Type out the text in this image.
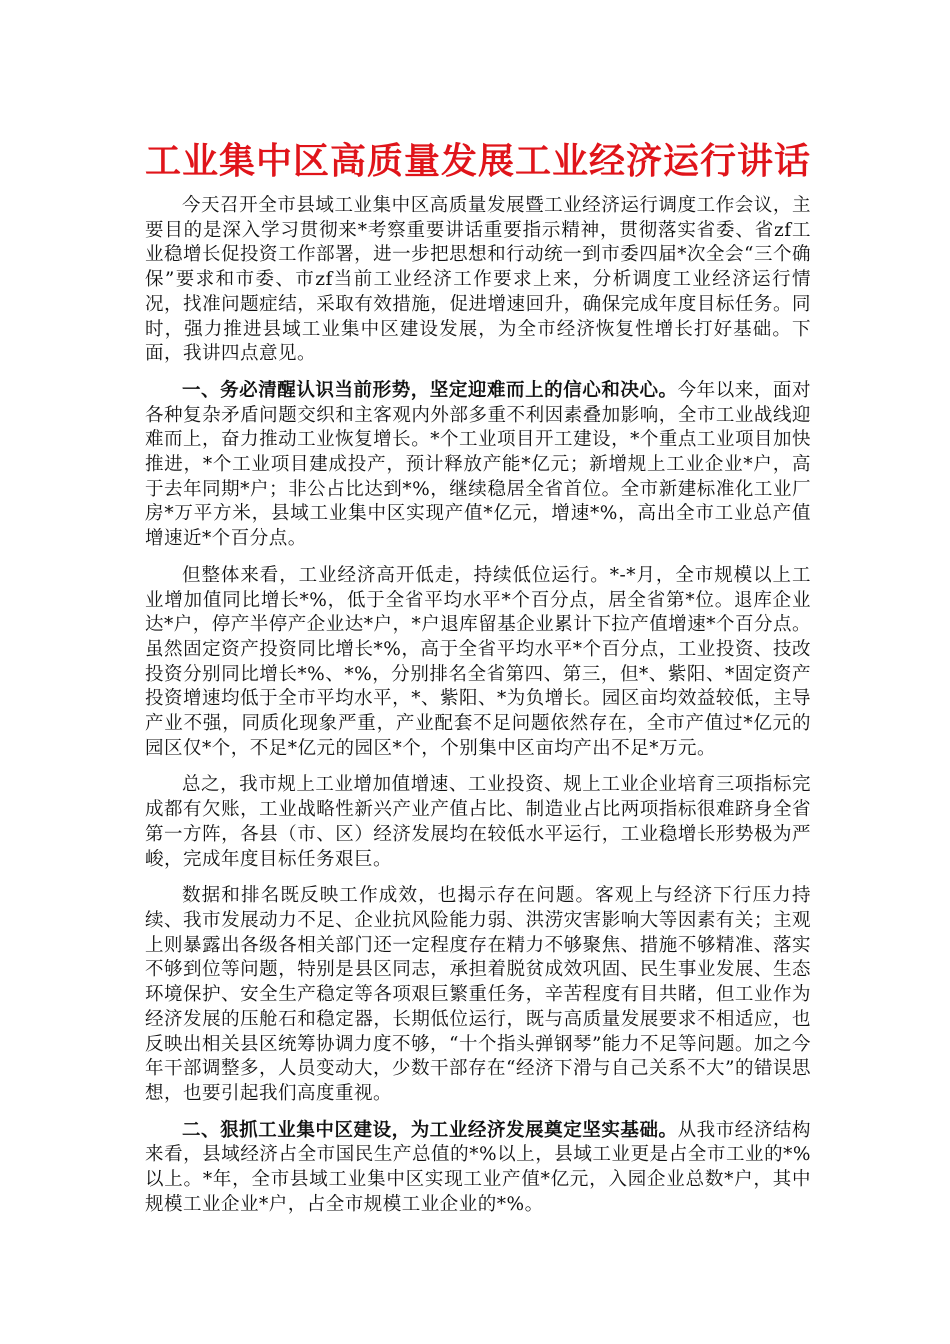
工业集中区高质量发展工业经济运行讲话

今天召开全市县域工业集中区高质量发展暨工业经济运行调度工作会议，主要目的是深入学习贯彻来*考察重要讲话重要指示精神，贯彻落实省委、省zf工业稳增长促投资工作部署，进一步把思想和行动统一到市委四届*次全会“三个确保”要求和市委、市zf当前工业经济工作要求上来，分析调度工业经济运行情况，找准问题症结，采取有效措施，促进增速回升，确保完成年度目标任务。同时，强力推进县域工业集中区建设发展，为全市经济恢复性增长打好基础。下面，我讲四点意见。

一、务必清醒认识当前形势，坚定迎难而上的信心和决心。今年以来，面对各种复杂矛盾问题交织和主客观内外部多重不利因素叠加影响，全市工业战线迎难而上，奋力推动工业恢复增长。*个工业项目开工建设，*个重点工业项目加快推进，*个工业项目建成投产，预计释放产能*亿元；新增规上工业企业*户，高于去年同期*户；非公占比达到*%，继续稳居全省首位。全市新建标准化工业厂房*万平方米，县域工业集中区实现产值*亿元，增速*%，高出全市工业总产值增速近*个百分点。

但整体来看，工业经济高开低走，持续低位运行。*-*月，全市规模以上工业增加值同比增长*%，低于全省平均水平*个百分点，居全省第*位。退库企业达*户，停产半停产企业达*户，*户退库留基企业累计下拉产值增速*个百分点。虽然固定资产投资同比增长*%，高于全省平均水平*个百分点，工业投资、技改投资分别同比增长*%、*%，分别排名全省第四、第三，但*、紫阳、*固定资产投资增速均低于全市平均水平，*、紫阳、*为负增长。园区亩均效益较低，主导产业不强，同质化现象严重，产业配套不足问题依然存在，全市产值过*亿元的园区仅*个，不足*亿元的园区*个，个别集中区亩均产出不足*万元。

总之，我市规上工业增加值增速、工业投资、规上工业企业培育三项指标完成都有欠账，工业战略性新兴产业产值占比、制造业占比两项指标很难跻身全省第一方阵，各县（市、区）经济发展均在较低水平运行，工业稳增长形势极为严峻，完成年度目标任务艰巨。

数据和排名既反映工作成效，也揭示存在问题。客观上与经济下行压力持续、我市发展动力不足、企业抗风险能力弱、洪涝灾害影响大等因素有关；主观上则暴露出各级各相关部门还一定程度存在精力不够聚焦、措施不够精准、落实不够到位等问题，特别是县区同志，承担着脱贫成效巩固、民生事业发展、生态环境保护、安全生产稳定等各项艰巨繁重任务，辛苦程度有目共睹，但工业作为经济发展的压舱石和稳定器，长期低位运行，既与高质量发展要求不相适应，也反映出相关县区统筹协调力度不够，“十个指头弹钢琴”能力不足等问题。加之今年干部调整多，人员变动大，少数干部存在“经济下滑与自己关系不大”的错误思想，也要引起我们高度重视。

二、狠抓工业集中区建设，为工业经济发展奠定坚实基础。从我市经济结构来看，县域经济占全市国民生产总值的*%以上，县域工业更是占全市工业的*%以上。*年，全市县域工业集中区实现工业产值*亿元，入园企业总数*户，其中规模工业企业*户，占全市规模工业企业的*%。
